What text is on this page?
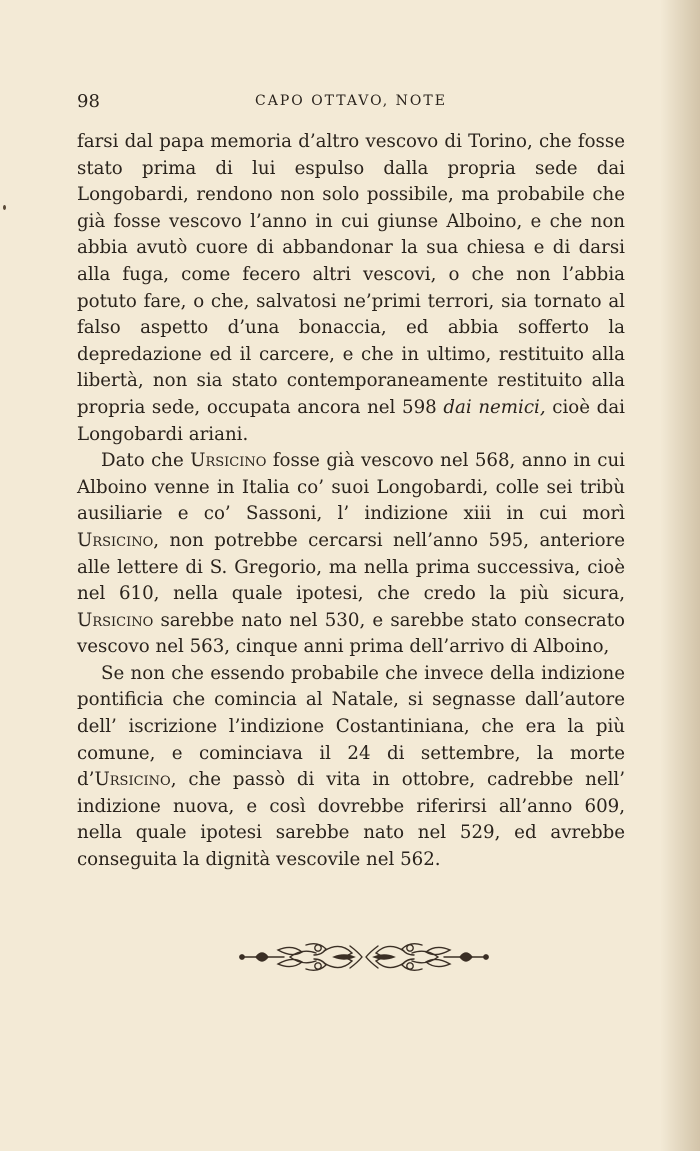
98	CAPO OTTAVO, NOTE

farsi dal papa memoria d’altro vescovo di Torino, che fosse stato prima di lui espulso dalla propria sede dai Longobardi, rendono non solo possibile, ma probabile che già fosse vescovo l’anno in cui giunse Alboino, e che non abbia avutò cuore di abbandonar la sua chiesa e di darsi alla fuga, come fecero altri vescovi, o che non l’abbia potuto fare, o che, salvatosi ne’primi terrori, sia tornato al falso aspetto d’una bonaccia, ed abbia sofferto la depredazione ed il carcere, e che in ultimo, restituito alla libertà, non sia stato contemporaneamente restituito alla propria sede, occupata ancora nel 598 dai nemici, cioè dai Longobardi ariani.

Dato che Ursicino fosse già vescovo nel 568, anno in cui Alboino venne in Italia co’ suoi Longobardi, colle sei tribù ausiliarie e co’ Sassoni, l’ indizione xiii in cui morì Ursicino, non potrebbe cercarsi nell’anno 595, anteriore alle lettere di S. Gregorio, ma nella prima successiva, cioè nel 610, nella quale ipotesi, che credo la più sicura, Ursicino sarebbe nato nel 530, e sarebbe stato consecrato vescovo nel 563, cinque anni prima dell’arrivo di Alboino,

Se non che essendo probabile che invece della indizione pontificia che comincia al Natale, si segnasse dall’autore dell’ iscrizione l’indizione Costantiniana, che era la più comune, e cominciava il 24 di settembre, la morte d’Ursicino, che passò di vita in ottobre, cadrebbe nell’ indizione nuova, e così dovrebbe riferirsi all’anno 609, nella quale ipotesi sarebbe nato nel 529, ed avrebbe conseguita la dignità vescovile nel 562.
